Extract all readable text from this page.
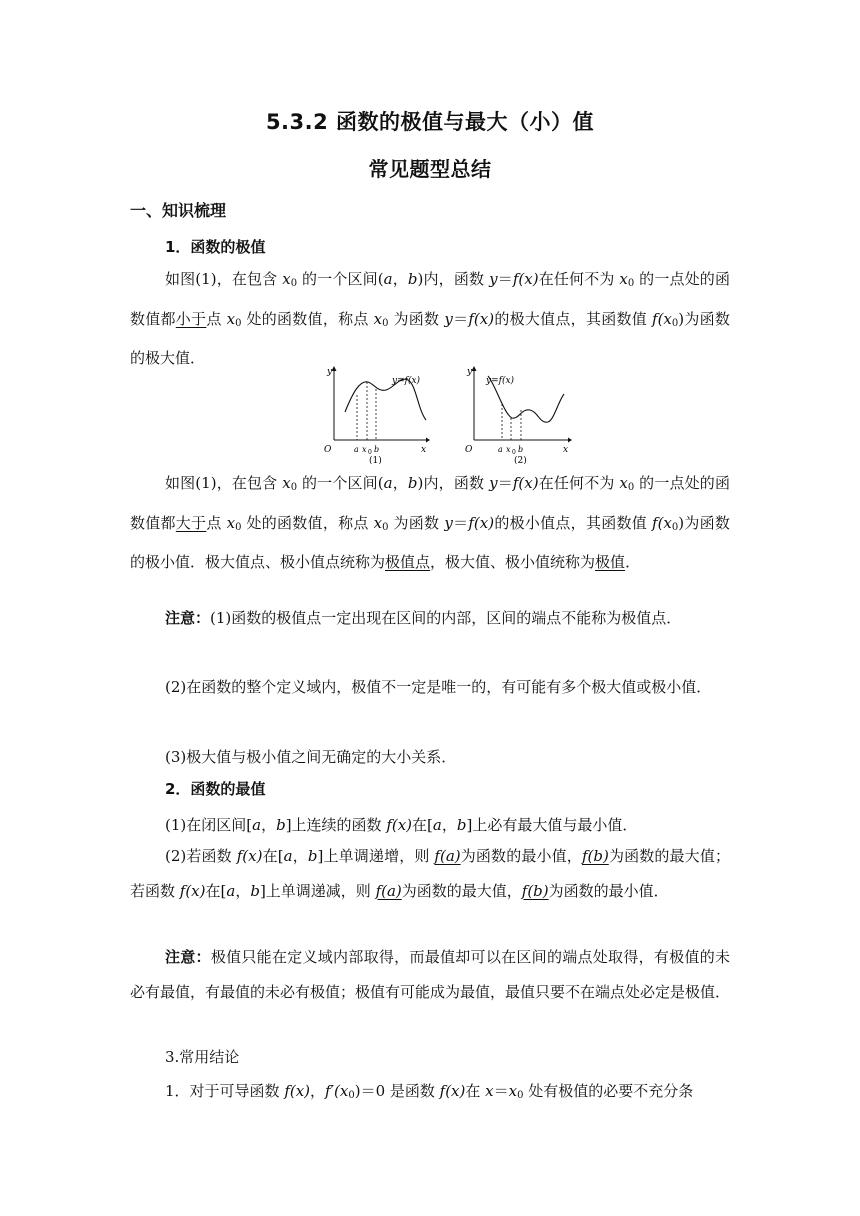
5.3.2 函数的极值与最大（小）值
常见题型总结
一、知识梳理
1．函数的极值
如图(1)，在包含 $x_0$ 的一个区间(a，b)内，函数 y＝f(x)在任何不为 $x_0$ 的一点处的函数值都小于点 $x_0$ 处的函数值，称点 $x_0$ 为函数 y＝f(x)的极大值点，其函数值 $f(x_0)$为函数的极大值．
y
x
O	a x 0 b
y=f(x)
(1)
y
x
O	a x 0 b
y=f(x)
(2)
如图(1)，在包含 $x_0$ 的一个区间(a，b)内，函数 y＝f(x)在任何不为 $x_0$ 的一点处的函数值都大于点 $x_0$ 处的函数值，称点 $x_0$ 为函数 y＝f(x)的极小值点，其函数值 $f(x_0)$为函数的极小值．极大值点、极小值点统称为极值点，极大值、极小值统称为极值．
注意：(1)函数的极值点一定出现在区间的内部，区间的端点不能称为极值点．
(2)在函数的整个定义域内，极值不一定是唯一的，有可能有多个极大值或极小值．
(3)极大值与极小值之间无确定的大小关系．
2．函数的最值
(1)在闭区间[a，b]上连续的函数 f(x)在[a，b]上必有最大值与最小值．
(2)若函数 f(x)在[a，b]上单调递增，则 f(a)为函数的最小值，f(b)为函数的最大值；若函数 f(x)在[a，b]上单调递减，则 f(a)为函数的最大值，f(b)为函数的最小值．
注意：极值只能在定义域内部取得，而最值却可以在区间的端点处取得，有极值的未必有最值，有最值的未必有极值；极值有可能成为最值，最值只要不在端点处必定是极值．
3.常用结论
1．对于可导函数 f(x)，$f'(x_0)=0$ 是函数 f(x)在 $x=x_0$ 处有极值的必要不充分条
